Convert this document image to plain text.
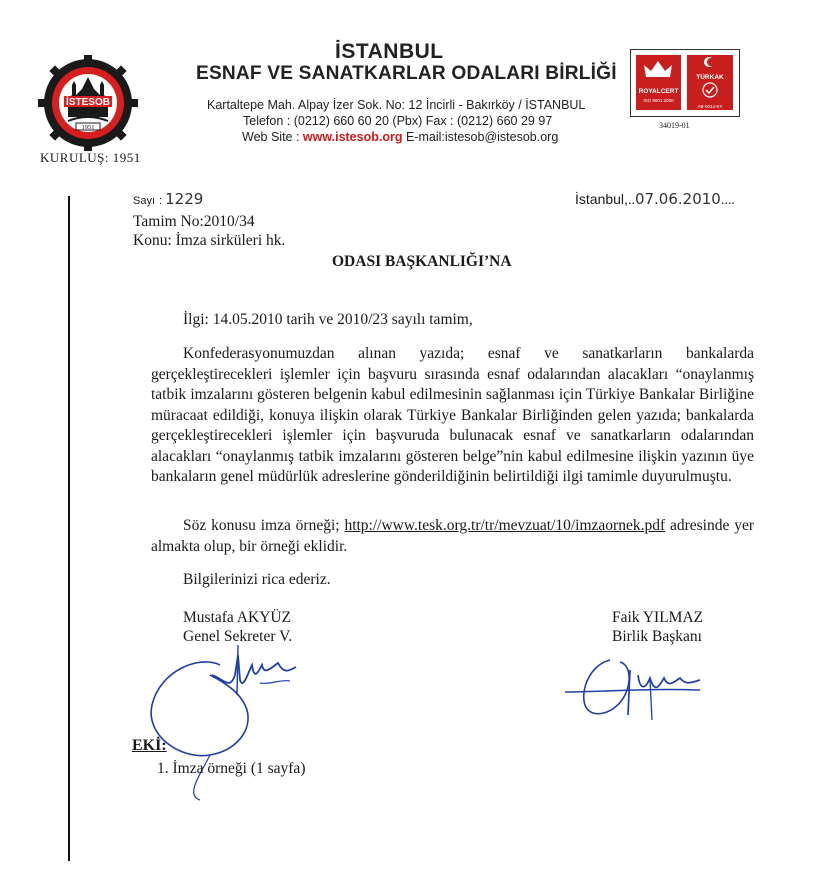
İSTESOB
1951
KURULUŞ: 1951
İSTANBUL
ESNAF VE SANATKARLAR ODALARI BİRLİĞİ
Kartaltepe Mah. Alpay İzer Sok. No: 12 İncirli - Bakırköy / İSTANBUL
Telefon : (0212) 660 60 20 (Pbx) Fax : (0212) 660 29 97
Web Site : www.istesob.org E-mail:istesob@istesob.org
ROYALCERT
ISO 9001:2000
TÜRKAK
AB-0014-KY
34019-01
Sayı : 1229
Tamim No:2010/34
Konu: İmza sirküleri hk.
İstanbul,..07.06.2010....
ODASI BAŞKANLIĞI’NA
İlgi: 14.05.2010 tarih ve 2010/23 sayılı tamim,
Konfederasyonumuzdan alınan yazıda; esnaf ve sanatkarların bankalarda gerçekleştirecekleri işlemler için başvuru sırasında esnaf odalarından alacakları “onaylanmış tatbik imzalarını gösteren belgenin kabul edilmesinin sağlanması için Türkiye Bankalar Birliğine müracaat edildiği, konuya ilişkin olarak Türkiye Bankalar Birliğinden gelen yazıda; bankalarda gerçekleştirecekleri işlemler için başvuruda bulunacak esnaf ve sanatkarların odalarından alacakları “onaylanmış tatbik imzalarını gösteren belge”nin kabul edilmesine ilişkin yazının üye bankaların genel müdürlük adreslerine gönderildiğinin belirtildiği ilgi tamimle duyurulmuştu.
Söz konusu imza örneği; http://www.tesk.org.tr/tr/mevzuat/10/imzaornek.pdf adresinde yer almakta olup, bir örneği eklidir.
Bilgilerinizi rica ederiz.
Mustafa AKYÜZ
Genel Sekreter V.
Faik YILMAZ
Birlik Başkanı
EKİ:
1. İmza örneği (1 sayfa)
